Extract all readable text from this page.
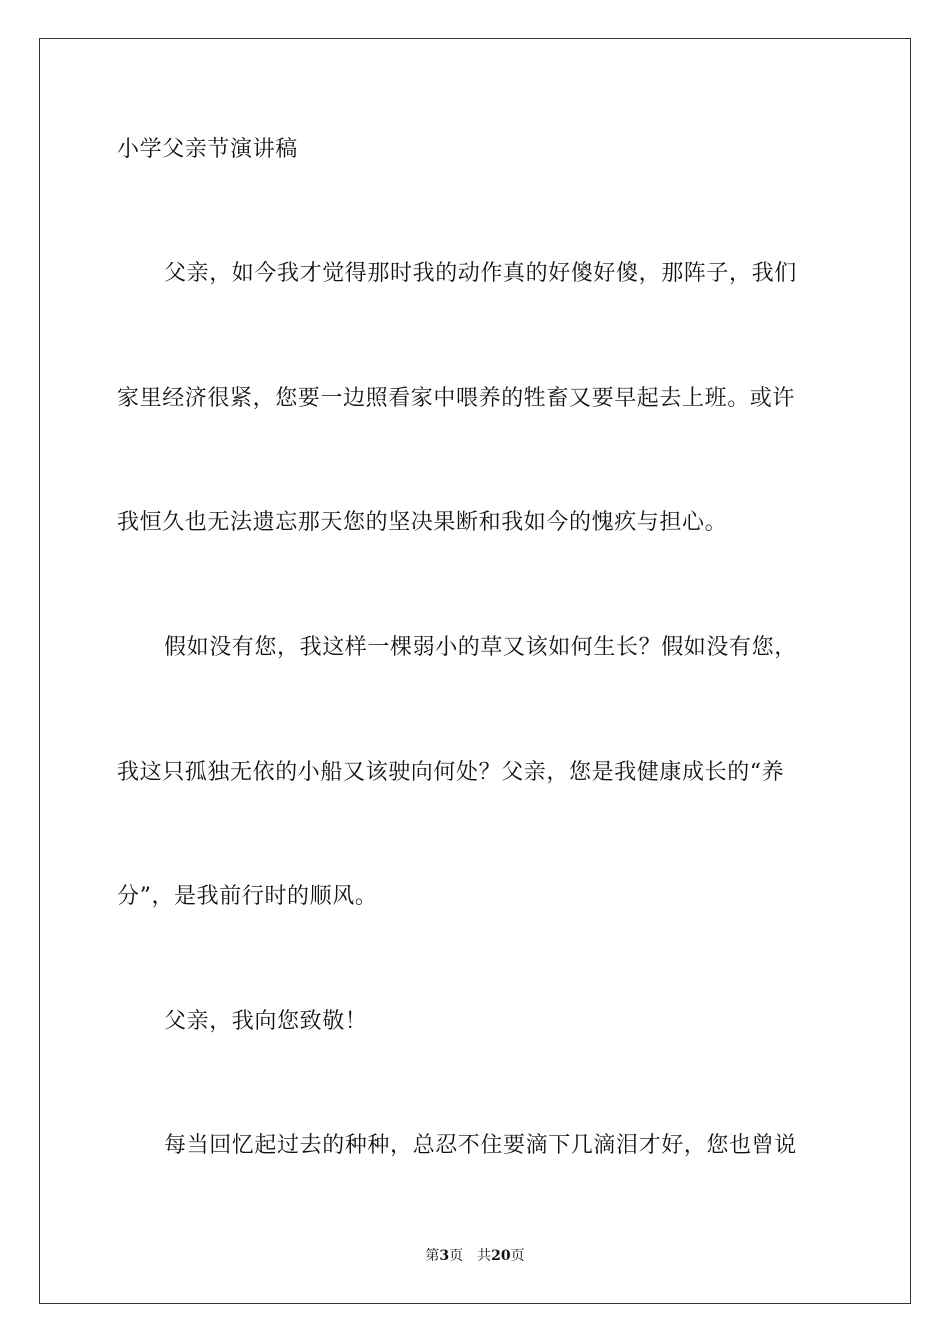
小学父亲节演讲稿
父亲，如今我才觉得那时我的动作真的好傻好傻，那阵子，我们
家里经济很紧，您要一边照看家中喂养的牲畜又要早起去上班。或许
我恒久也无法遗忘那天您的坚决果断和我如今的愧疚与担心。
假如没有您，我这样一棵弱小的草又该如何生长？假如没有您，
我这只孤独无依的小船又该驶向何处？父亲，您是我健康成长的“养
分”，是我前行时的顺风。
父亲，我向您致敬！
每当回忆起过去的种种，总忍不住要滴下几滴泪才好，您也曾说
第3页 共20页
